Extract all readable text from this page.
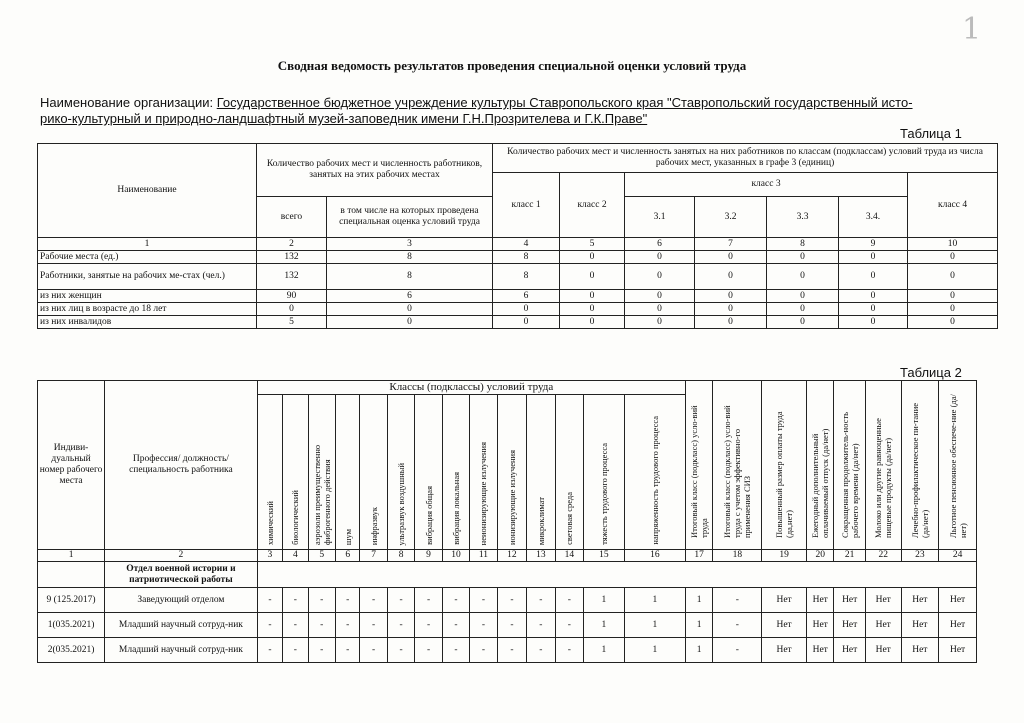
1
Сводная ведомость результатов проведения специальной оценки условий труда
Наименование организации: Государственное бюджетное учреждение культуры Ставропольского края "Ставропольский государственный исто-
рико-культурный и природно-ландшафтный музей-заповедник имени Г.Н.Прозрителева и Г.К.Праве"
Таблица 1
Наименование	Количество рабочих мест и численность работников, занятых на этих рабочих местах		Количество рабочих мест и численность занятых на них работников по классам (подклассам) условий труда из числа рабочих мест, указанных в графе 3 (единиц)						
			класс 1	класс 2	класс 3				класс 4
	всего	в том числе на которых проведена специальная оценка условий труда			3.1	3.2	3.3	3.4.	
1	2	3	4	5	6	7	8	9	10
Рабочие места (ед.)	132	8	8	0	0	0	0	0	0
Работники, занятые на рабочих ме-стах (чел.)	132	8	8	0	0	0	0	0	0
из них женщин	90	6	6	0	0	0	0	0	0
из них лиц в возрасте до 18 лет	0	0	0	0	0	0	0	0	0
из них инвалидов	5	0	0	0	0	0	0	0	0
Таблица 2
Индиви-дуальный номер рабочего места	Профессия/ должность/ специальность работника	Классы (подклассы) условий труда														Итоговый класс (подкласс) усло-вий труда	Итоговый класс (подкласс) усло-вий труда с учетом эффективно-го применения СИЗ	Повышенный размер оплаты труда (да,нет)	Ежегодный дополнительный оплачиваемый отпуск (да/нет)	Сокращенная продолжитель-ность рабочего времени (да/нет)	Молоко или другие равноценные пищевые продукты (да/нет)	Лечебно-профилактическое пи-тание (да/нет)	Льготное пенсионное обеспече-ние (да/нет)
		химический	биологический	аэрозоли преимущественно фиброгенного действия	шум	инфразвук	ультразвук воздушный	вибрация общая	вибрация локальная	неионизирующие излучения	ионизирующие излучения	микроклимат	световая среда	тяжесть трудового процесса	напряженность трудового процесса								
1	2	3	4	5	6	7	8	9	10	11	12	13	14	15	16	17	18	19	20	21	22	23	24
	Отдел военной истории и патриотической работы																						
9 (125.2017)	Заведующий отделом	-	-	-	-	-	-	-	-	-	-	-	-	1	1	1	-	Нет	Нет	Нет	Нет	Нет	Нет
1(035.2021)	Младший научный сотруд-ник	-	-	-	-	-	-	-	-	-	-	-	-	1	1	1	-	Нет	Нет	Нет	Нет	Нет	Нет
2(035.2021)	Младший научный сотруд-ник	-	-	-	-	-	-	-	-	-	-	-	-	1	1	1	-	Нет	Нет	Нет	Нет	Нет	Нет
